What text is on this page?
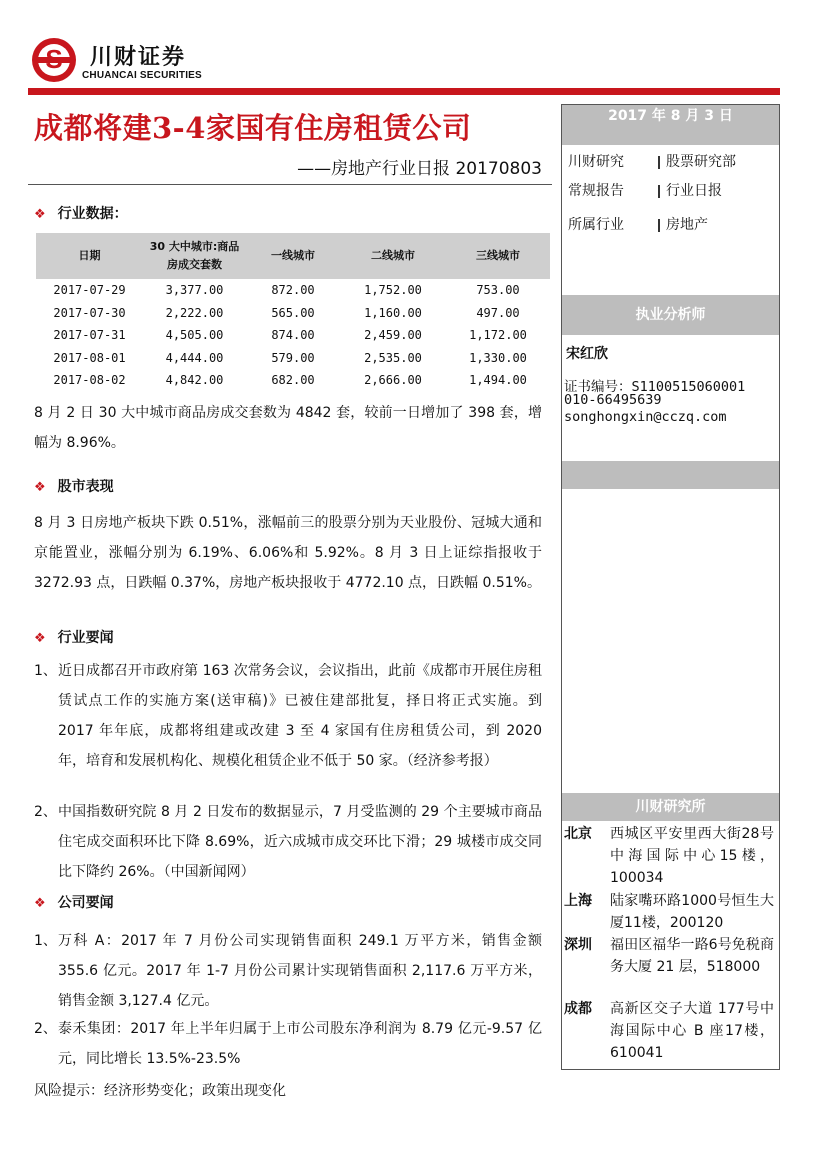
S	川财证券
CHUANCAI SECURITIES
成都将建3-4家国有住房租赁公司
——房地产行业日报 20170803
❖ 行业数据：
日期	30 大中城市:商品房成交套数	一线城市	二线城市	三线城市
2017-07-29	3,377.00	872.00	1,752.00	753.00
2017-07-30	2,222.00	565.00	1,160.00	497.00
2017-07-31	4,505.00	874.00	2,459.00	1,172.00
2017-08-01	4,444.00	579.00	2,535.00	1,330.00
2017-08-02	4,842.00	682.00	2,666.00	1,494.00
8 月 2 日 30 大中城市商品房成交套数为 4842 套，较前一日增加了 398 套，增幅为 8.96%。
❖ 股市表现
8 月 3 日房地产板块下跌 0.51%，涨幅前三的股票分别为天业股份、冠城大通和京能置业，涨幅分别为 6.19%、6.06%和 5.92%。8 月 3 日上证综指报收于 3272.93 点，日跌幅 0.37%，房地产板块报收于 4772.10 点，日跌幅 0.51%。
❖ 行业要闻
1、 近日成都召开市政府第 163 次常务会议，会议指出，此前《成都市开展住房租赁试点工作的实施方案(送审稿)》已被住建部批复，择日将正式实施。到 2017 年年底，成都将组建或改建 3 至 4 家国有住房租赁公司，到 2020 年，培育和发展机构化、规模化租赁企业不低于 50 家。（经济参考报）
2、 中国指数研究院 8 月 2 日发布的数据显示，7 月受监测的 29 个主要城市商品住宅成交面积环比下降 8.69%，近六成城市成交环比下滑；29 城楼市成交同比下降约 26%。（中国新闻网）
❖ 公司要闻
1、 万科 A：2017 年 7 月份公司实现销售面积 249.1 万平方米，销售金额 355.6 亿元。2017 年 1-7 月份公司累计实现销售面积 2,117.6 万平方米，销售金额 3,127.4 亿元。
2、 泰禾集团：2017 年上半年归属于上市公司股东净利润为 8.79 亿元-9.57 亿元，同比增长 13.5%-23.5%
风险提示：经济形势变化；政策出现变化
2017 年 8 月 3 日
川财研究	股票研究部
常规报告	行业日报
所属行业	房地产
执业分析师
宋红欣
证书编号：S1100515060001
010-66495639
songhongxin@cczq.com
川财研究所
北京 西城区平安里西大街28号中海国际中心15楼，100034
上海 陆家嘴环路1000号恒生大厦11楼，200120
深圳 福田区福华一路6号免税商务大厦 21 层，518000
成都 高新区交子大道 177号中海国际中心 B 座17楼，610041
